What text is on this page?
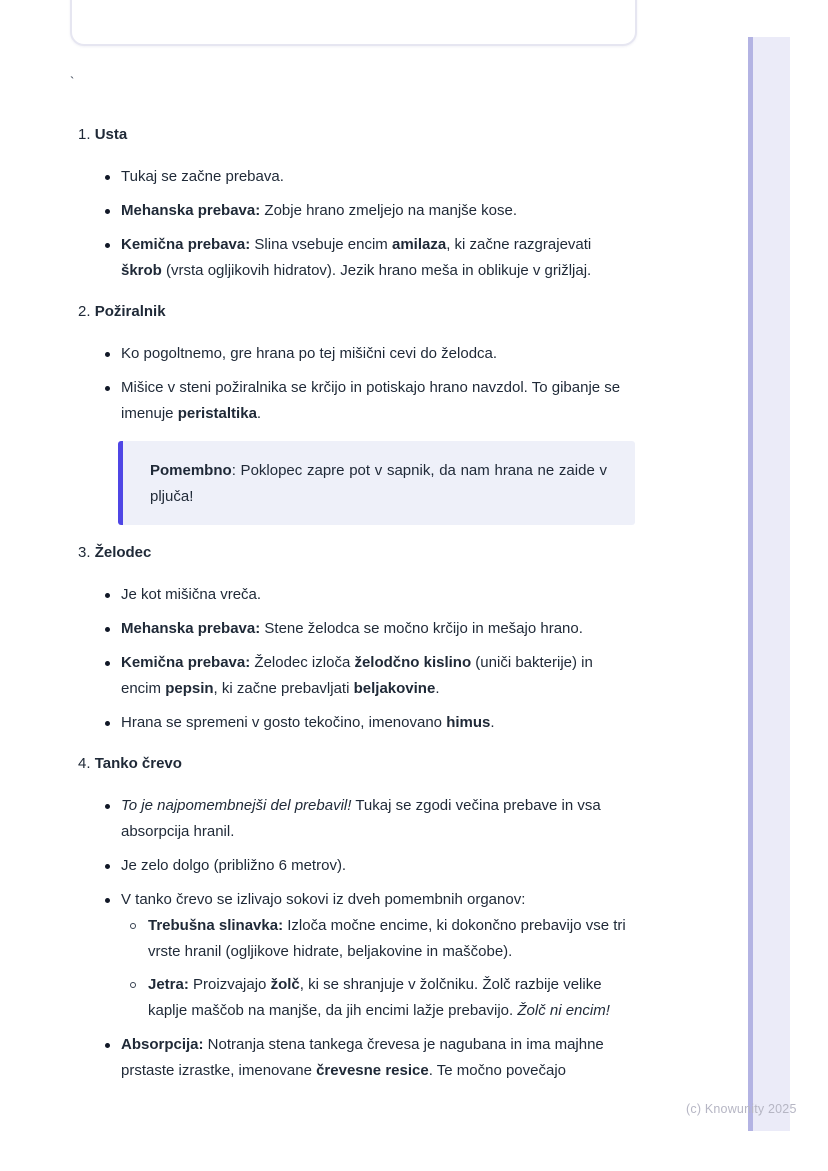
`
(c) Knowunity 2025
1. Usta
Tukaj se začne prebava.
Mehanska prebava: Zobje hrano zmeljejo na manjše kose.
Kemična prebava: Slina vsebuje encim amilaza, ki začne razgrajevati škrob (vrsta ogljikovih hidratov). Jezik hrano meša in oblikuje v grižljaj.
2. Požiralnik
Ko pogoltnemo, gre hrana po tej mišični cevi do želodca.
Mišice v steni požiralnika se krčijo in potiskajo hrano navzdol. To gibanje se imenuje peristaltika.
Pomembno: Poklopec zapre pot v sapnik, da nam hrana ne zaide v pljuča!
3. Želodec
Je kot mišična vreča.
Mehanska prebava: Stene želodca se močno krčijo in mešajo hrano.
Kemična prebava: Želodec izloča želodčno kislino (uniči bakterije) in encim pepsin, ki začne prebavljati beljakovine.
Hrana se spremeni v gosto tekočino, imenovano himus.
4. Tanko črevo
To je najpomembnejši del prebavil! Tukaj se zgodi večina prebave in vsa absorpcija hranil.
Je zelo dolgo (približno 6 metrov).
V tanko črevo se izlivajo sokovi iz dveh pomembnih organov:
Trebušna slinavka: Izloča močne encime, ki dokončno prebavijo vse tri vrste hranil (ogljikove hidrate, beljakovine in maščobe).
Jetra: Proizvajajo žolč, ki se shranjuje v žolčniku. Žolč razbije velike kaplje maščob na manjše, da jih encimi lažje prebavijo. Žolč ni encim!
Absorpcija: Notranja stena tankega črevesa je nagubana in ima majhne prstaste izrastke, imenovane črevesne resice. Te močno povečajo
